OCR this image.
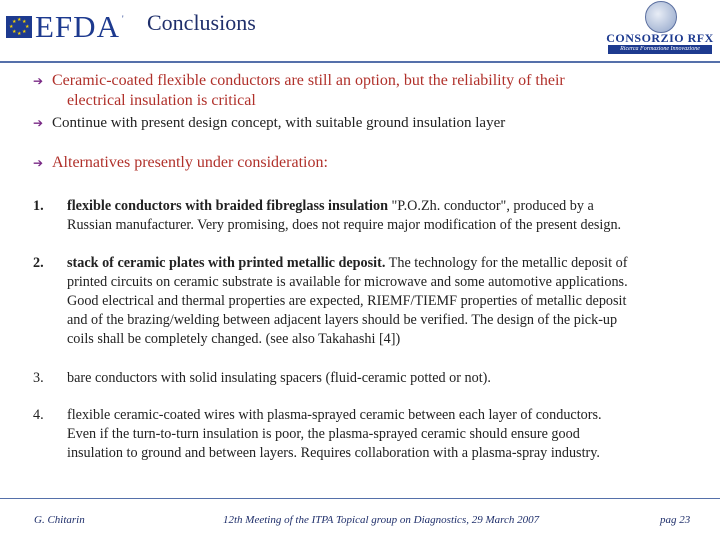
★ ★
★
★
★
★
★
★ EFDA ' Conclusions
CONSORZIO RFX
Ricerca Formazione Innovazione
➔ Ceramic-coated flexible conductors are still an option, but the reliability of their
electrical insulation is critical
➔ Continue with present design concept, with suitable ground insulation layer
➔ Alternatives presently under consideration:
1. flexible conductors with braided fibreglass insulation "P.O.Zh. conductor", produced by a
Russian manufacturer. Very promising, does not require major modification of the present design.
2. stack of ceramic plates with printed metallic deposit. The technology for the metallic deposit of
printed circuits on ceramic substrate is available for microwave and some automotive applications.
Good electrical and thermal properties are expected, RIEMF/TIEMF properties of metallic deposit
and of the brazing/welding between adjacent layers should be verified. The design of the pick-up
coils shall be completely changed. (see also Takahashi [4])
3. bare conductors with solid insulating spacers (fluid-ceramic potted or not).
4. flexible ceramic-coated wires with plasma-sprayed ceramic between each layer of conductors.
Even if the turn-to-turn insulation is poor, the plasma-sprayed ceramic should ensure good
insulation to ground and between layers. Requires collaboration with a plasma-spray industry.
G. Chitarin	12th Meeting of the ITPA Topical group on Diagnostics, 29 March 2007	pag 23
